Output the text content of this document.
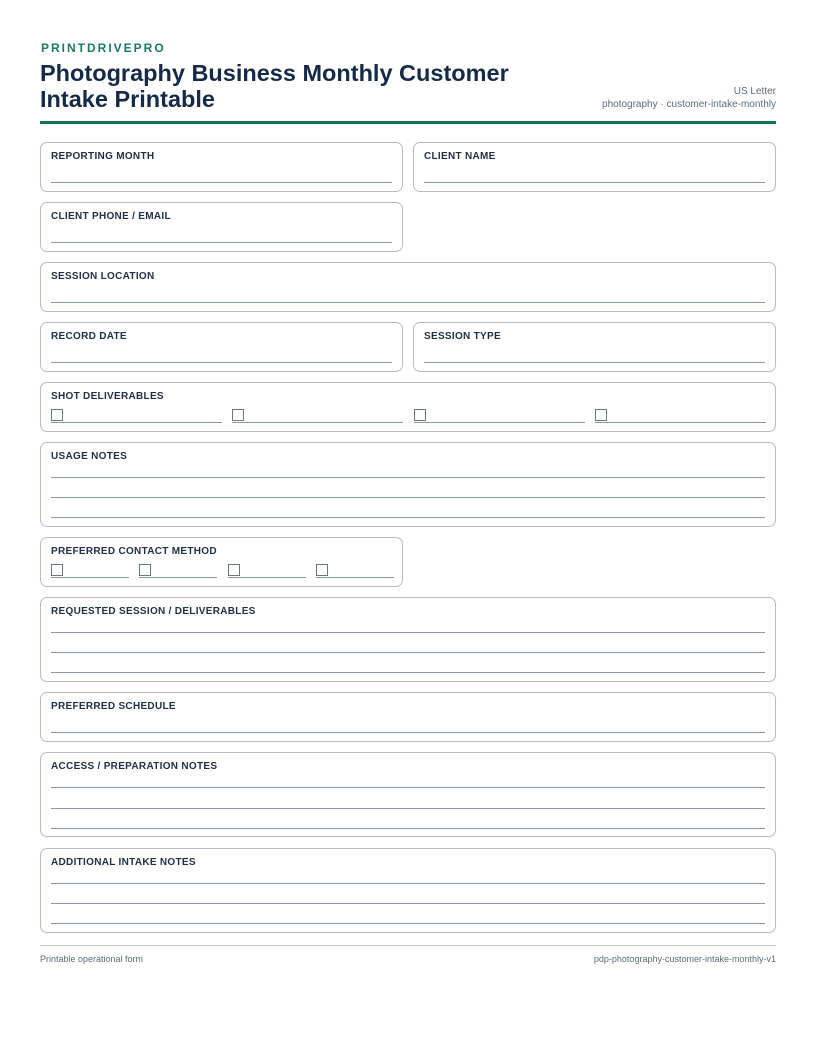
PRINTDRIVEPRO
Photography Business Monthly Customer Intake Printable	US Letter
photography · customer-intake-monthly
REPORTING MONTH	CLIENT NAME
CLIENT PHONE / EMAIL
SESSION LOCATION
RECORD DATE	SESSION TYPE
SHOT DELIVERABLES
USAGE NOTES
PREFERRED CONTACT METHOD
REQUESTED SESSION / DELIVERABLES
PREFERRED SCHEDULE
ACCESS / PREPARATION NOTES
ADDITIONAL INTAKE NOTES
Printable operational form	pdp-photography-customer-intake-monthly-v1
